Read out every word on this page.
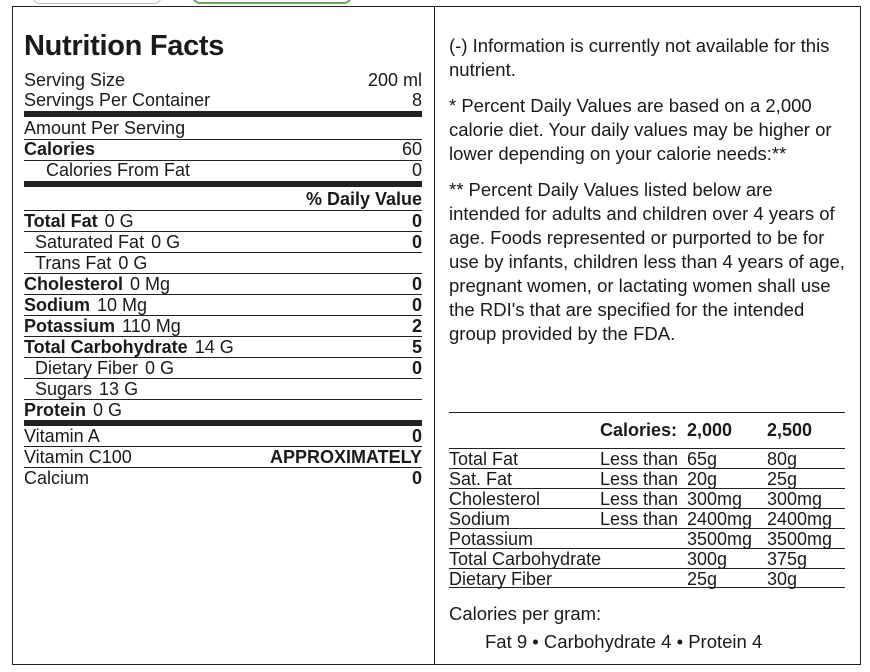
Nutrition Facts
Serving Size	200 ml
Servings Per Container	8
Amount Per Serving
Calories	60
Calories From Fat	0
% Daily Value
Total Fat 0 G	0
Saturated Fat 0 G	0
Trans Fat 0 G
Cholesterol 0 Mg	0
Sodium 10 Mg	0
Potassium 110 Mg	2
Total Carbohydrate 14 G	5
Dietary Fiber 0 G	0
Sugars 13 G
Protein 0 G
Vitamin A	0
Vitamin C100	APPROXIMATELY
Calcium	0

(-) Information is currently not available for this nutrient.

* Percent Daily Values are based on a 2,000 calorie diet. Your daily values may be higher or lower depending on your calorie needs:**

** Percent Daily Values listed below are intended for adults and children over 4 years of age. Foods represented or purported to be for use by infants, children less than 4 years of age, pregnant women, or lactating women shall use the RDI's that are specified for the intended group provided by the FDA.

Calories: 2,000	2,500
Total Fat	Less than 65g	80g
Sat. Fat	Less than 20g	25g
Cholesterol	Less than 300mg	300mg
Sodium	Less than 2400mg 2400mg
Potassium	3500mg 3500mg
Total Carbohydrate	300g	375g
Dietary Fiber	25g	30g
Calories per gram:
Fat 9 • Carbohydrate 4 • Protein 4
